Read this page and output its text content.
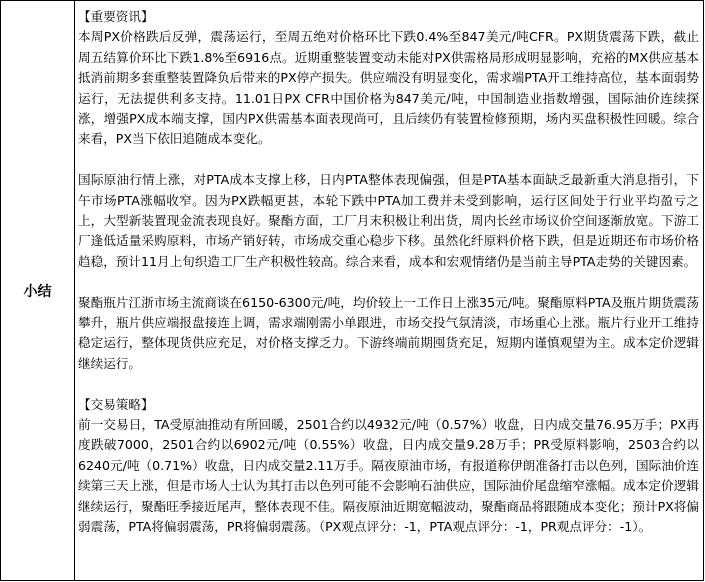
小结

【重要资讯】

本周PX价格跌后反弹，震荡运行，至周五绝对价格环比下跌0.4%至847美元/吨CFR。PX期货震荡下跌，截止周五结算价环比下跌1.8%至6916点。近期重整装置变动未能对PX供需格局形成明显影响，充裕的MX供应基本抵消前期多套重整装置降负后带来的PX停产损失。供应端没有明显变化，需求端PTA开工维持高位，基本面弱势运行，无法提供利多支持。11.01日PX CFR中国价格为847美元/吨，中国制造业指数增强，国际油价连续探涨，增强PX成本端支撑，国内PX供需基本面表现尚可，且后续仍有装置检修预期，场内买盘积极性回暖。综合来看，PX当下依旧追随成本变化。

国际原油行情上涨，对PTA成本支撑上移，日内PTA整体表现偏强，但是PTA基本面缺乏最新重大消息指引，下午市场PTA涨幅收窄。因为PX跌幅更甚，本轮下跌中PTA加工费并未受到影响，运行区间处于行业平均盈亏之上，大型新装置现金流表现良好。聚酯方面，工厂月末积极让利出货，周内长丝市场议价空间逐渐放宽。下游工厂逢低适量采购原料，市场产销好转，市场成交重心稳步下移。虽然化纤原料价格下跌，但是近期还布市场价格趋稳，预计11月上旬织造工厂生产积极性较高。综合来看，成本和宏观情绪仍是当前主导PTA走势的关键因素。

聚酯瓶片江浙市场主流商谈在6150-6300元/吨，均价较上一工作日上涨35元/吨。聚酯原料PTA及瓶片期货震荡攀升，瓶片供应端报盘接连上调，需求端刚需小单跟进，市场交投气氛清淡，市场重心上涨。瓶片行业开工维持稳定运行，整体现货供应充足，对价格支撑乏力。下游终端前期囤货充足，短期内谨慎观望为主。成本定价逻辑继续运行。

【交易策略】

前一交易日，TA受原油推动有所回暖，2501合约以4932元/吨（0.57%）收盘，日内成交量76.95万手；PX再度跌破7000，2501合约以6902元/吨（0.55%）收盘，日内成交量9.28万手；PR受原料影响，2503合约以6240元/吨（0.71%）收盘，日内成交量2.11万手。隔夜原油市场，有报道称伊朗准备打击以色列，国际油价连续第三天上涨，但是市场人士认为其打击以色列可能不会影响石油供应，国际油价尾盘缩窄涨幅。成本定价逻辑继续运行，聚酯旺季接近尾声，整体表现不佳。隔夜原油近期宽幅波动，聚酯商品将跟随成本变化；预计PX将偏弱震荡，PTA将偏弱震荡，PR将偏弱震荡。（PX观点评分：-1，PTA观点评分：-1，PR观点评分：-1）。
